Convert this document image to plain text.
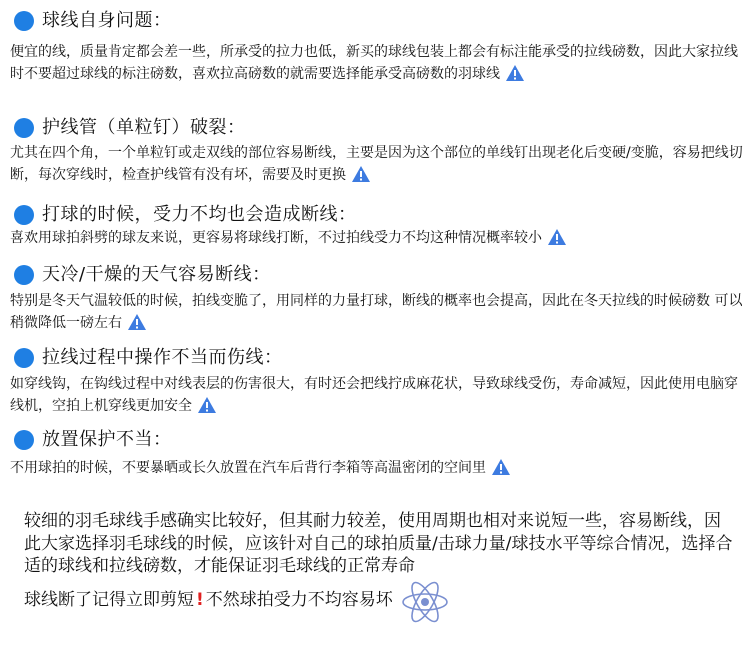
球线自身问题：

便宜的线，质量肯定都会差一些，所承受的拉力也低，新买的球线包装上都会有标注能承受的拉线磅数，因此大家拉线时不要超过球线的标注磅数，喜欢拉高磅数的就需要选择能承受高磅数的羽球线

护线管（单粒钉）破裂：

尤其在四个角，一个单粒钉或走双线的部位容易断线，主要是因为这个部位的单线钉出现老化后变硬/变脆，容易把线切断，每次穿线时，检查护线管有没有坏，需要及时更换

打球的时候，受力不均也会造成断线：

喜欢用球拍斜劈的球友来说，更容易将球线打断，不过拍线受力不均这种情况概率较小

天冷/干燥的天气容易断线：

特别是冬天气温较低的时候，拍线变脆了，用同样的力量打球，断线的概率也会提高，因此在冬天拉线的时候磅数 可以稍微降低一磅左右

拉线过程中操作不当而伤线：

如穿线钩，在钩线过程中对线表层的伤害很大，有时还会把线拧成麻花状，导致球线受伤，寿命减短，因此使用电脑穿线机，空拍上机穿线更加安全

放置保护不当：

不用球拍的时候，不要暴晒或长久放置在汽车后背行李箱等高温密闭的空间里

较细的羽毛球线手感确实比较好，但其耐力较差，使用周期也相对来说短一些，容易断线，因此大家选择羽毛球线的时候，应该针对自己的球拍质量/击球力量/球技水平等综合情况，选择合适的球线和拉线磅数，才能保证羽毛球线的正常寿命
球线断了记得立即剪短 ! 不然球拍受力不均容易坏
